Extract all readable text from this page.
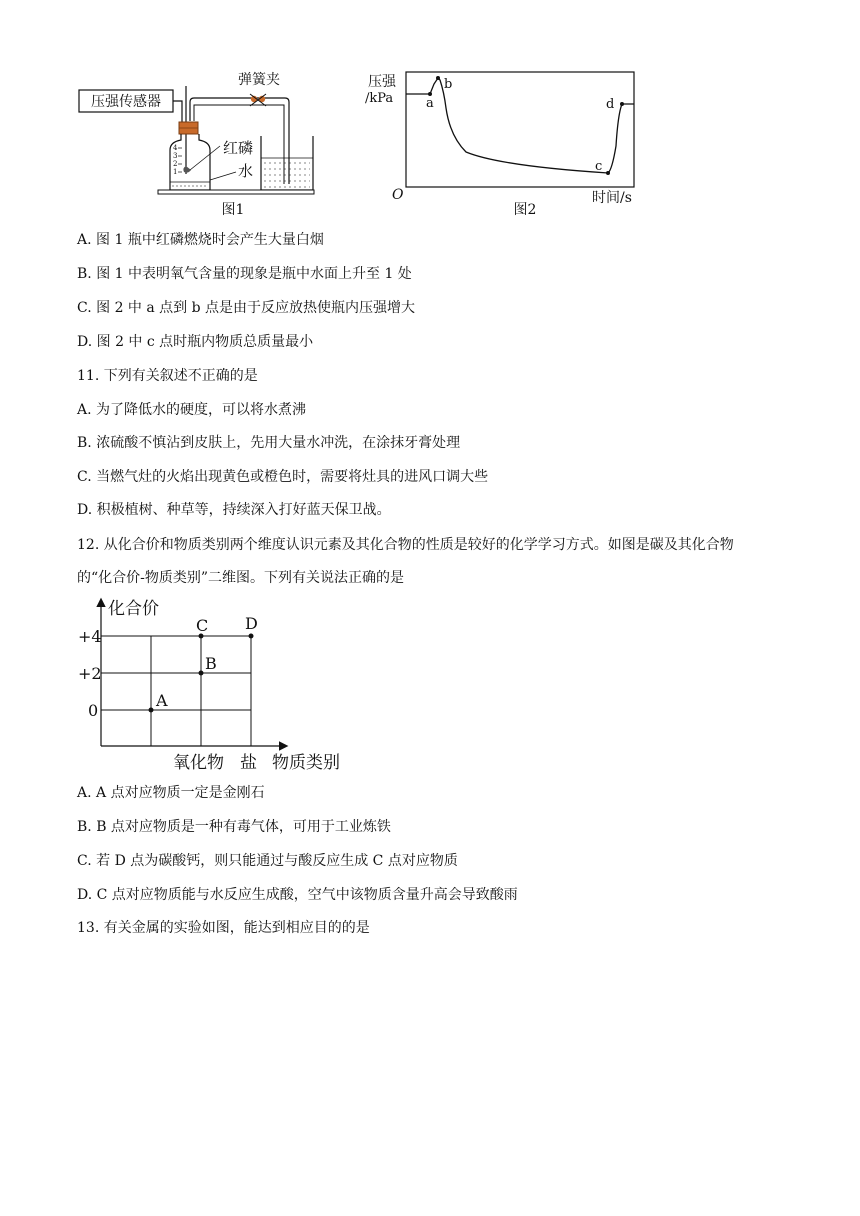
压强传感器
弹簧夹
4
3
2
1
红磷
水
图1
压强
/kPa
O	时间/s
图2
a
b
c
d
A. 图 1 瓶中红磷燃烧时会产生大量白烟
B. 图 1 中表明氧气含量的现象是瓶中水面上升至 1 处
C. 图 2 中 a 点到 b 点是由于反应放热使瓶内压强增大
D. 图 2 中 c 点时瓶内物质总质量最小
11. 下列有关叙述不正确的是
A. 为了降低水的硬度，可以将水煮沸
B. 浓硫酸不慎沾到皮肤上，先用大量水冲洗，在涂抹牙膏处理
C. 当燃气灶的火焰出现黄色或橙色时，需要将灶具的进风口调大些
D. 积极植树、种草等，持续深入打好蓝天保卫战。
12. 从化合价和物质类别两个维度认识元素及其化合物的性质是较好的化学学习方式。如图是碳及其化合物
的“化合价-物质类别”二维图。下列有关说法正确的是
化合价
+4
+2
0
氧化物 盐 物质类别
A
B
C D
A. A 点对应物质一定是金刚石
B. B 点对应物质是一种有毒气体，可用于工业炼铁
C. 若 D 点为碳酸钙，则只能通过与酸反应生成 C 点对应物质
D. C 点对应物质能与水反应生成酸，空气中该物质含量升高会导致酸雨
13. 有关金属的实验如图，能达到相应目的的是
